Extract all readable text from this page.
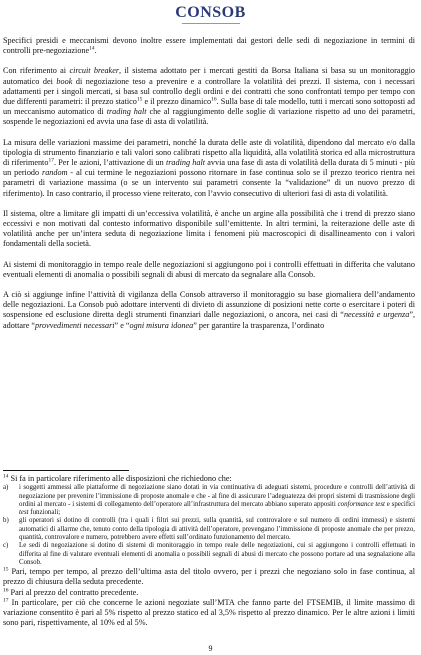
CONSOB

Specifici presidi e meccanismi devono inoltre essere implementati dai gestori delle sedi di negoziazione in termini di controlli pre-negoziazione$^{14}$.

Con riferimento ai circuit breaker, il sistema adottato per i mercati gestiti da Borsa Italiana si basa su un monitoraggio automatico dei book di negoziazione teso a prevenire e a controllare la volatilità dei prezzi. Il sistema, con i necessari adattamenti per i singoli mercati, si basa sul controllo degli ordini e dei contratti che sono confrontati tempo per tempo con due differenti parametri: il prezzo statico$^{15}$ e il prezzo dinamico$^{16}$. Sulla base di tale modello, tutti i mercati sono sottoposti ad un meccanismo automatico di trading halt che al raggiungimento delle soglie di variazione rispetto ad uno dei parametri, sospende le negoziazioni ed avvia una fase di asta di volatilità.

La misura delle variazioni massime dei parametri, nonché la durata delle aste di volatilità, dipendono dal mercato e/o dalla tipologia di strumento finanziario e tali valori sono calibrati rispetto alla liquidità, alla volatilità storica ed alla microstruttura di riferimento$^{17}$. Per le azioni, l’attivazione di un trading halt avvia una fase di asta di volatilità della durata di 5 minuti - più un periodo random - al cui termine le negoziazioni possono ritornare in fase continua solo se il prezzo teorico rientra nei parametri di variazione massima (o se un intervento sui parametri consente la “validazione” di un nuovo prezzo di riferimento). In caso contrario, il processo viene reiterato, con l’avvio consecutivo di ulteriori fasi di asta di volatilità.

Il sistema, oltre a limitare gli impatti di un’eccessiva volatilità, è anche un argine alla possibilità che i trend di prezzo siano eccessivi e non motivati dal contesto informativo disponibile sull’emittente. In altri termini, la reiterazione delle aste di volatilità anche per un’intera seduta di negoziazione limita i fenomeni più macroscopici di disallineamento con i valori fondamentali della società.

Ai sistemi di monitoraggio in tempo reale delle negoziazioni si aggiungono poi i controlli effettuati in differita che valutano eventuali elementi di anomalia o possibili segnali di abusi di mercato da segnalare alla Consob.

A ciò si aggiunge infine l’attività di vigilanza della Consob attraverso il monitoraggio su base giornaliera dell’andamento delle negoziazioni. La Consob può adottare interventi di divieto di assunzione di posizioni nette corte o esercitare i poteri di sospensione ed esclusione diretta degli strumenti finanziari dalle negoziazioni, o ancora, nei casi di “necessità e urgenza”, adottare “provvedimenti necessari” e “ogni misura idonea” per garantire la trasparenza, l’ordinato

$^{14}$ Si fa in particolare riferimento alle disposizioni che richiedono che:

a)	i soggetti ammessi alle piattaforme di negoziazione siano dotati in via continuativa di adeguati sistemi, procedure e controlli dell’attività di negoziazione per prevenire l’immissione di proposte anomale e che - al fine di assicurare l’adeguatezza dei propri sistemi di trasmissione degli ordini al mercato - i sistemi di collegamento dell’operatore all’infrastruttura del mercato abbiano superato appositi conformance test e specifici test funzionali;
b)	gli operatori si dotino di controlli (tra i quali i filtri sui prezzi, sulla quantità, sul controvalore e sul numero di ordini immessi) e sistemi automatici di allarme che, tenuto conto della tipologia di attività dell’operatore, prevengano l’immissione di proposte anomale che per prezzo, quantità, controvalore e numero, potrebbero avere effetti sull’ordinato funzionamento del mercato.
c)	Le sedi di negoziazione si dotino di sistemi di monitoraggio in tempo reale delle negoziazioni, cui si aggiungono i controlli effettuati in differita al fine di valutare eventuali elementi di anomalia o possibili segnali di abusi di mercato che possono portare ad una segnalazione alla Consob.

$^{15}$ Pari, tempo per tempo, al prezzo dell’ultima asta del titolo ovvero, per i prezzi che negoziano solo in fase continua, al prezzo di chiusura della seduta precedente.

$^{16}$ Pari al prezzo del contratto precedente.

$^{17}$ In particolare, per ciò che concerne le azioni negoziate sull’MTA che fanno parte del FTSEMIB, il limite massimo di variazione consentito è pari al 5% rispetto al prezzo statico ed al 3,5% rispetto al prezzo dinamico. Per le altre azioni i limiti sono pari, rispettivamente, al 10% ed al 5%.

9
